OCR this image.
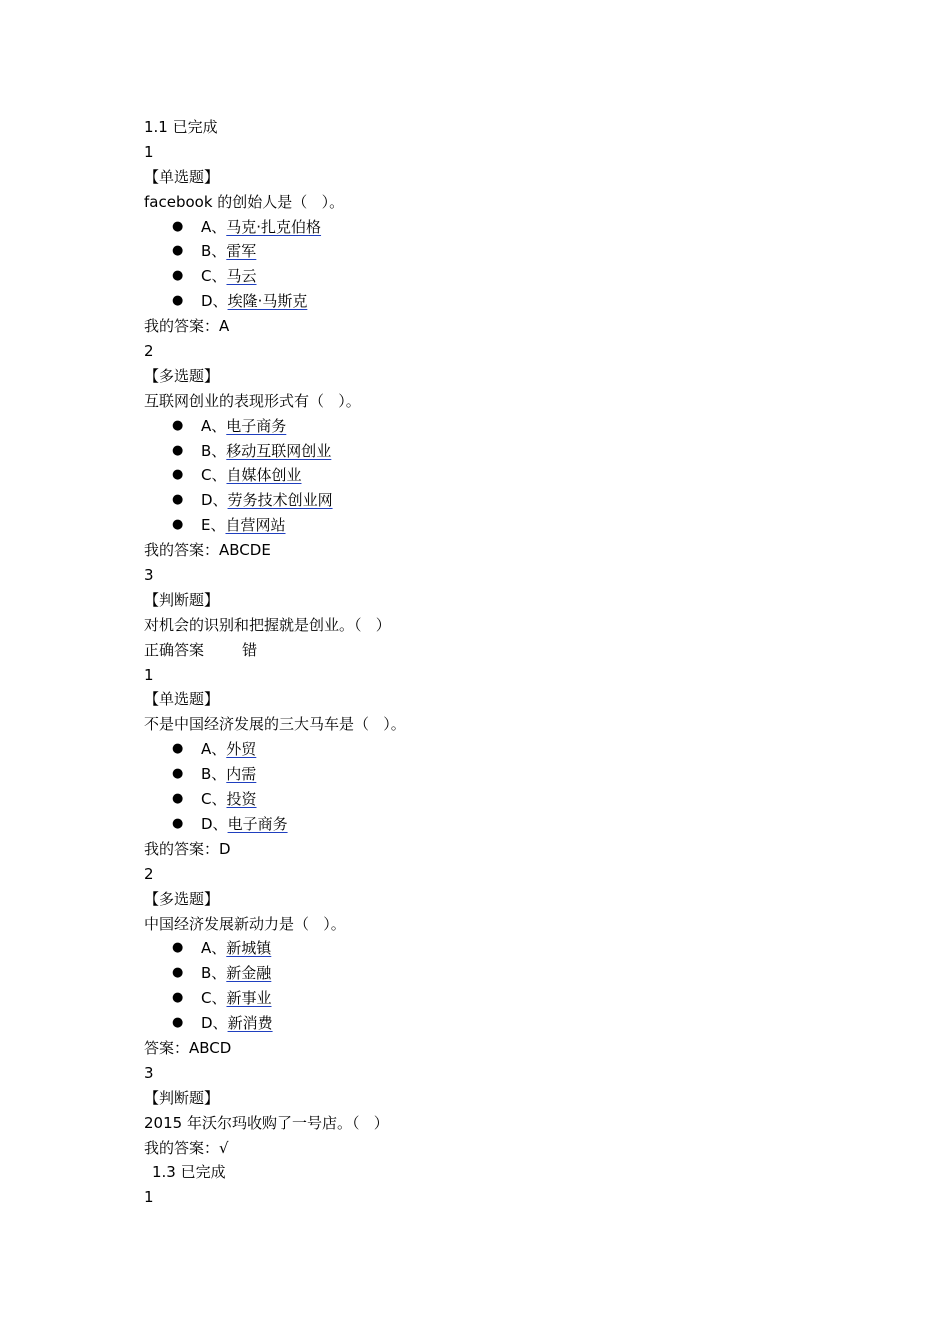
1.1 已完成
1
【单选题】
facebook 的创始人是（   ）。
● A、马克·扎克伯格
● B、雷军
● C、马云
● D、埃隆·马斯克
我的答案：A
2
【多选题】
互联网创业的表现形式有（   ）。
● A、电子商务
● B、移动互联网创业
● C、自媒体创业
● D、劳务技术创业网
● E、自营网站
我的答案：ABCDE
3
【判断题】
对机会的识别和把握就是创业。（   ）
正确答案        错
1
【单选题】
不是中国经济发展的三大马车是（   ）。
● A、外贸
● B、内需
● C、投资
● D、电子商务
我的答案：D
2
【多选题】
中国经济发展新动力是（   ）。
● A、新城镇
● B、新金融
● C、新事业
● D、新消费
答案：ABCD
3
【判断题】
2015 年沃尔玛收购了一号店。（   ）
我的答案：√
1.3 已完成
1
